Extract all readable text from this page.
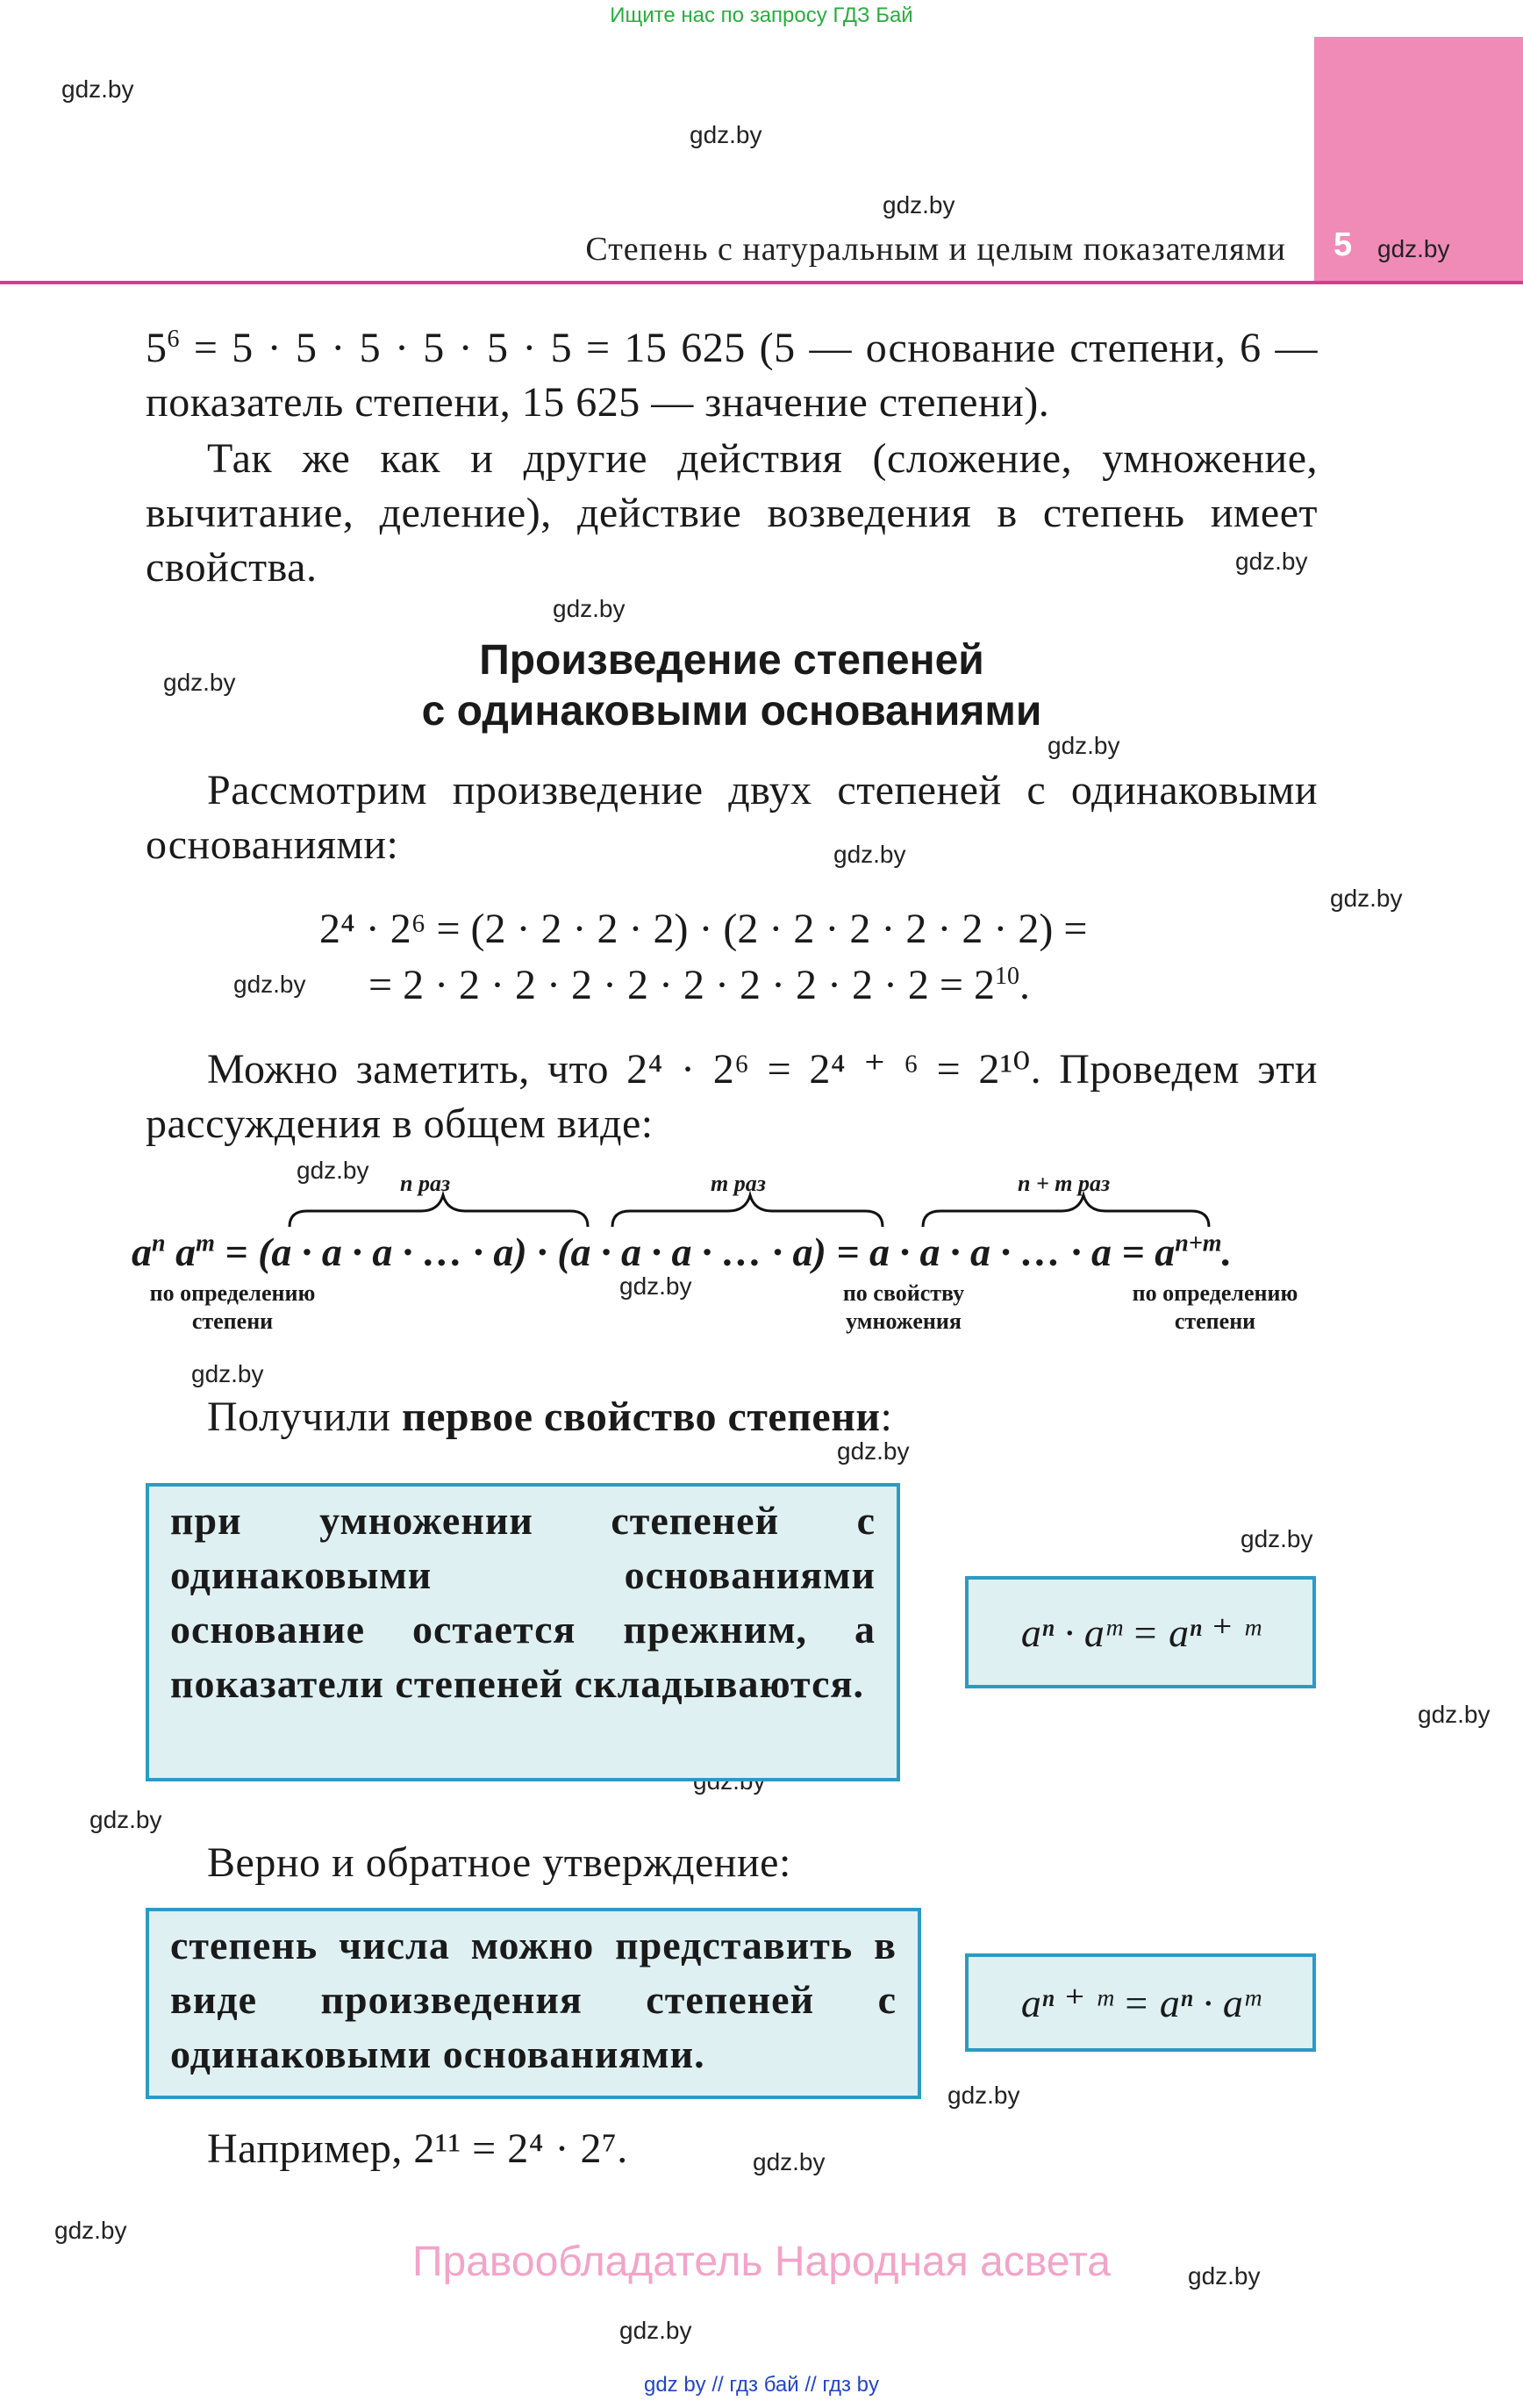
Ищите нас по запросу ГДЗ Бай
Степень с натуральным и целым показателями 5
gdz.by
gdz.by
gdz.by
gdz.by
gdz.by
gdz.by
gdz.by
gdz.by
gdz.by
gdz.by
gdz.by
gdz.by
gdz.by
gdz.by
gdz.by
gdz.by
gdz.by
gdz.by
gdz.by
gdz.by
gdz.by
gdz.by
gdz.by
$5^6 = 5 \cdot 5 \cdot 5 \cdot 5 \cdot 5 \cdot 5 = 15$ 625 (5 — основание степени, 6 — показатель степени, 15 625 — значение степени).
Так же как и другие действия (сложение, умножение, вычитание, деление), действие возведения в степень имеет свойства.
Произведение степеней
с одинаковыми основаниями
Рассмотрим произведение двух степеней с одинаковыми основаниями:
2⁴ · 2⁶ = (2 · 2 · 2 · 2) · (2 · 2 · 2 · 2 · 2 · 2) =
= $2 \cdot 2 \cdot 2 \cdot 2 \cdot 2 \cdot 2 \cdot 2 \cdot 2 \cdot 2 \cdot 2 = 2^{10}$.
Можно заметить, что 2⁴ · 2⁶ = 2⁴ ⁺ ⁶ = 2¹⁰. Проведем эти рассуждения в общем виде:
n раз	m раз	n + m раз
$a^n$ $a^m = (a \cdot a \cdot a$ · … · a) · (a · a · a · … · a) = a · a · a · … · $a = a^{n+m}$.
по определению степени
по свойству умножения
по определению степени
Получили первое свойство степени:
при умножении степеней с одинаковыми основаниями основание остается прежним, а показатели степеней складываются.
aⁿ · aᵐ = aⁿ ⁺ ᵐ
Верно и обратное утверждение:
степень числа можно представить в виде произведения степеней с одинаковыми основаниями.
aⁿ ⁺ ᵐ = aⁿ · aᵐ
Например, 2¹¹ = 2⁴ · 2⁷.
Правообладатель Народная асвета
gdz by // гдз бай // гдз by
